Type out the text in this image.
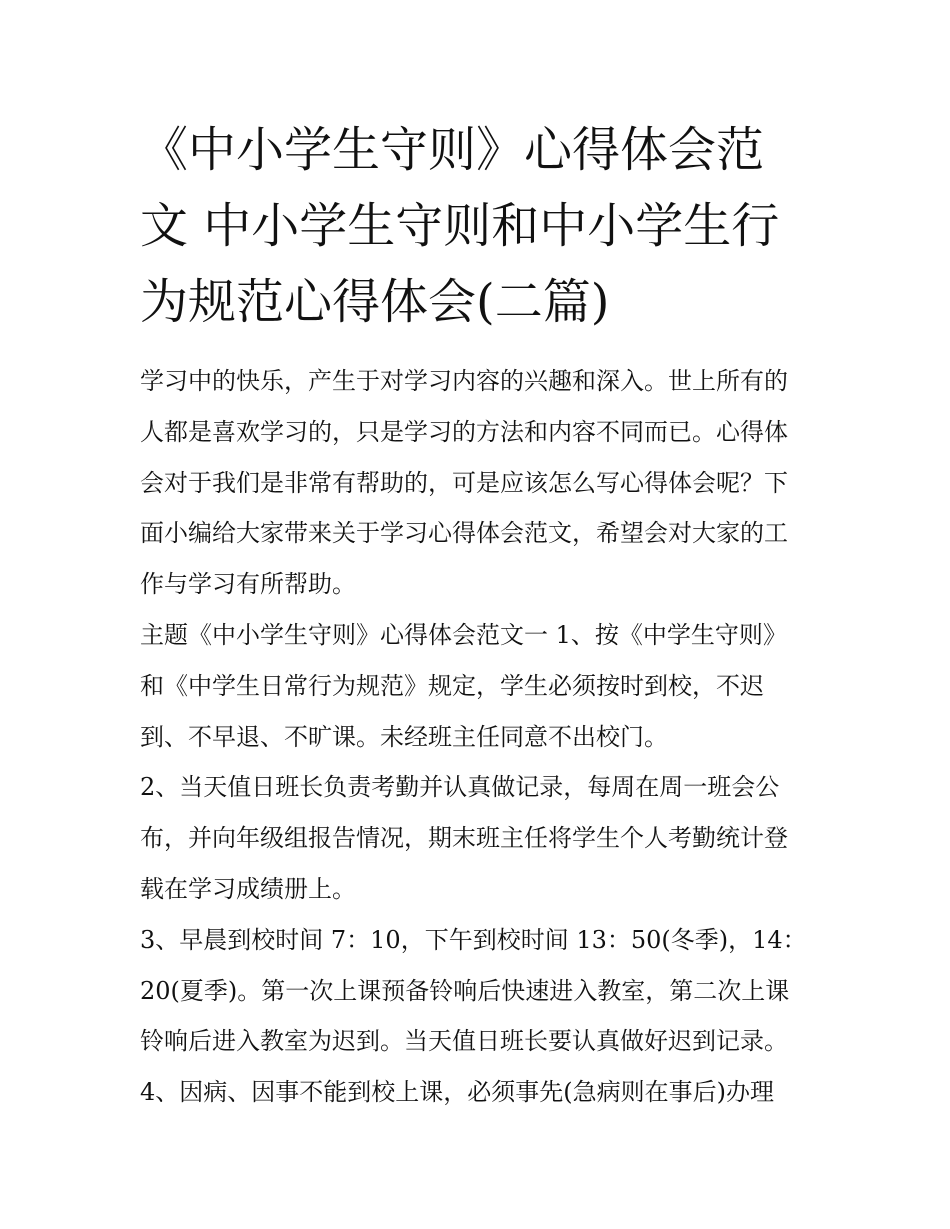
《中小学生守则》心得体会范
文 中小学生守则和中小学生行
为规范心得体会(二篇)
学习中的快乐，产生于对学习内容的兴趣和深入。世上所有的
人都是喜欢学习的，只是学习的方法和内容不同而已。心得体
会对于我们是非常有帮助的，可是应该怎么写心得体会呢？下
面小编给大家带来关于学习心得体会范文，希望会对大家的工
作与学习有所帮助。
主题《中小学生守则》心得体会范文一 1、按《中学生守则》
和《中学生日常行为规范》规定，学生必须按时到校，不迟
到、不早退、不旷课。未经班主任同意不出校门。
2、当天值日班长负责考勤并认真做记录，每周在周一班会公
布，并向年级组报告情况，期末班主任将学生个人考勤统计登
载在学习成绩册上。
3、早晨到校时间 7：10，下午到校时间 13：50(冬季)，14：
20(夏季)。第一次上课预备铃响后快速进入教室，第二次上课
铃响后进入教室为迟到。当天值日班长要认真做好迟到记录。
4、因病、因事不能到校上课，必须事先(急病则在事后)办理
